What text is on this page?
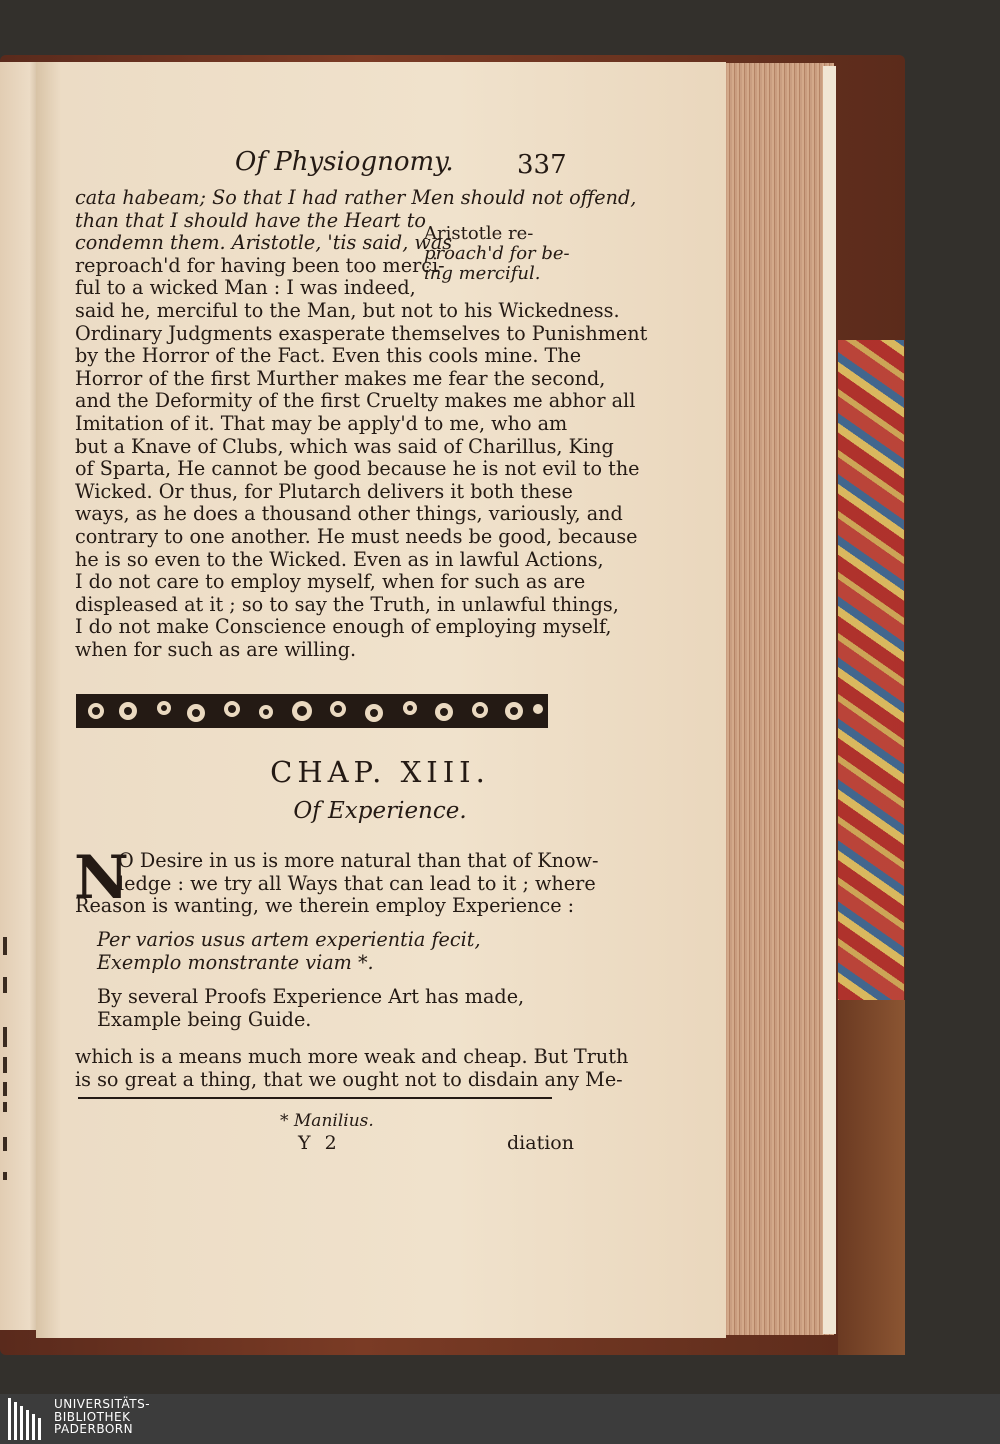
Of Physiognomy. 337
cata habeam; So that I had rather Men should not offend,
than that I should have the Heart to
condemn them. Aristotle, 'tis said, was
reproach'd for having been too merci-
ful to a wicked Man : I was indeed,
said he, merciful to the Man, but not to his Wickedness.
Ordinary Judgments exasperate themselves to Punishment
by the Horror of the Fact. Even this cools mine. The
Horror of the first Murther makes me fear the second,
and the Deformity of the first Cruelty makes me abhor all
Imitation of it. That may be apply'd to me, who am
but a Knave of Clubs, which was said of Charillus, King
of Sparta, He cannot be good because he is not evil to the
Wicked. Or thus, for Plutarch delivers it both these
ways, as he does a thousand other things, variously, and
contrary to one another. He must needs be good, because
he is so even to the Wicked. Even as in lawful Actions,
I do not care to employ myself, when for such as are
displeased at it ; so to say the Truth, in unlawful things,
I do not make Conscience enough of employing myself,
when for such as are willing.
Aristotle re-
proach'd for be-
ing merciful.
CHAP. XIII.
Of Experience.
N
O Desire in us is more natural than that of Know-
ledge : we try all Ways that can lead to it ; where
Reason is wanting, we therein employ Experience :
Per varios usus artem experientia fecit,
Exemplo monstrante viam *.
By several Proofs Experience Art has made,
Example being Guide.
which is a means much more weak and cheap. But Truth
is so great a thing, that we ought not to disdain any Me-
* Manilius.
Y 2	diation
UNIVERSITÄTS-
BIBLIOTHEK
PADERBORN
